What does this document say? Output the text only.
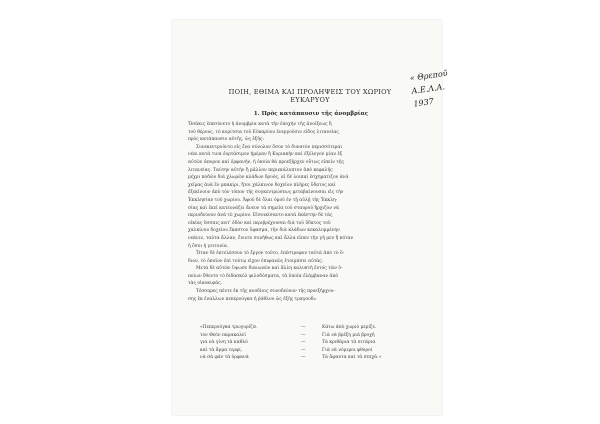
ΠΟΙΗ, ΕΘΙΜΑ ΚΑΙ ΠΡΟΛΗΨΕΙΣ ΤΟΥ ΧΩΡΙΟΥ
ΕΥΚΑΡΥΟΥ
1. Πρὸς κατάπαυσιν τῆς ἀνομβρίας
Ὅσάκις ἐπεσύνετο ἡ ἀνομβρία κατὰ τὴν ἐποχὴν τῆς ἀνοίξεως ἢ
τοῦ θέρους, τὸ κορίτσια τοῦ Εὐκαρύου ἐνεργοῦσιν εἶδος λιτανείας
πρὸς κατάπαυσιν αὐτῆς, ὡς ἑξῆς:
Συνεκεντροῦντο εἰς ἕνα σύνολον ὅσον τὸ δυνατὸν περισσότεραι
νέαι κατά τινα ἑορτάσιμον ἡμέραν ἢ Κυριακὴν καὶ ἐξέλεγον μίαν ἐξ
αὐτῶν ἀπορον καὶ ὀρφανήν, ἡ ὁποία θὰ προεξῆρχεν οὕτως εἰπεῖν τῆς
λιτανείας. Ταύτην αὐτήν ἢ μᾶλλον περιεκάλυπτον ἀπὸ κεφαλῆς
μέχρι ποδῶν διὰ χλωρῶν κλάδων δρυός, αἱ δὲ λοιπαὶ ἐσχηματιζον ἀνὰ
χεῖρας ἀνὰ ἓν μπακίρι, ἤτοι χάλκινον δοχεῖον πλῆρες ὕδατος καί
ἐξεκίνουν ἀπὸ τὸν τόπον τῆς συγκεντρώσεως μεταβαίνουσαι εἰς τὴν
Ἐκκλησίαν τοῦ χωρίου. Ἀφοῦ δὲ ὅλαι ὁμοῦ ἐν τῇ αὐλῇ τῆς Ἐκκλη-
σίας καὶ ἐκεῖ κατευνάζει ἄνευν τὰ σημεῖα τοῦ σταυροῦ ἤρχιζον νὰ
περιοδεύουν ἀνὰ τὸ χωρίον. Εἰσοικίσαντο κατὰ ἐκάστην δὲ τὰς
οἰκίας ὅσσαις κατ' ὁδὸν καὶ περιβρέχουσαι διὰ τοῦ ὕδατος τοῦ
χαλκίνου δοχείου ἕκαστον ὕφασμα, τὴν διὰ κλάδων κεκαλυμμένην
νεάνιν, ταῦτα ἄλλαν, ἔνιοτε συνήθως καὶ ἄλλα εἶπεν τὴν γῆ μεν ἢ πόταν
ἡ ὅσοι ἡ γειτονία.
Ὅταν δὲ ἐκτελέσουν τὸ ἔργον τοῦτο, ἐπέστρεφον ταὐτὰ ἀπὸ τὸ ὅ-
διον, τὸ ὁποῖον ἐπὶ τούτῳ εἶχον ἐπιφανῶς ἑτοιμάσει αὐτάς.
Μετὰ δὲ αὐτῶν ὕψωσε διαιωνῶν καὶ ἄλλη καλυπτὴ ἐντός τῶν ὁ-
ποίων ἔθεντο τὸ διδασκόλ φιλοδόσματα, τὰ ὁποῖα ἐλάμβαναν ἀπὸ
τὰς οἰκοκυράς.
Τέσσαρες πέντε ἐκ τῆς ανοδίοις συνοδεύουν τῆς προεξήρχου-
σης ἐκ ἐναλλων πεπερούγκα ἡ ῥάθλου ὡς ἐξῆς τραγουδι:
«Πεπερούγκα τρωγυρίζει
τον Θεόν παρακαλεῖ
για νὰ γίνη τὰ καθλό
καὶ τὰ ἄρμα τερφί,
νὰ σὰ φάν τὰ ὀρφανά
—
—
—
—
—
Κάτω ἀπὸ χωριὸ μερίζε.
Γιὰ νὰ βρέξη μιὰ βροχή
Τὰ κριθάρια τὰ σιτάρια
Γιὰ νὰ νόμιμοι φθοροί
Τὰ ἄφαντα καὶ τὰ σπιχά.»
« Θρεποῦ
Α.Ε.Λ.Α.
1937
